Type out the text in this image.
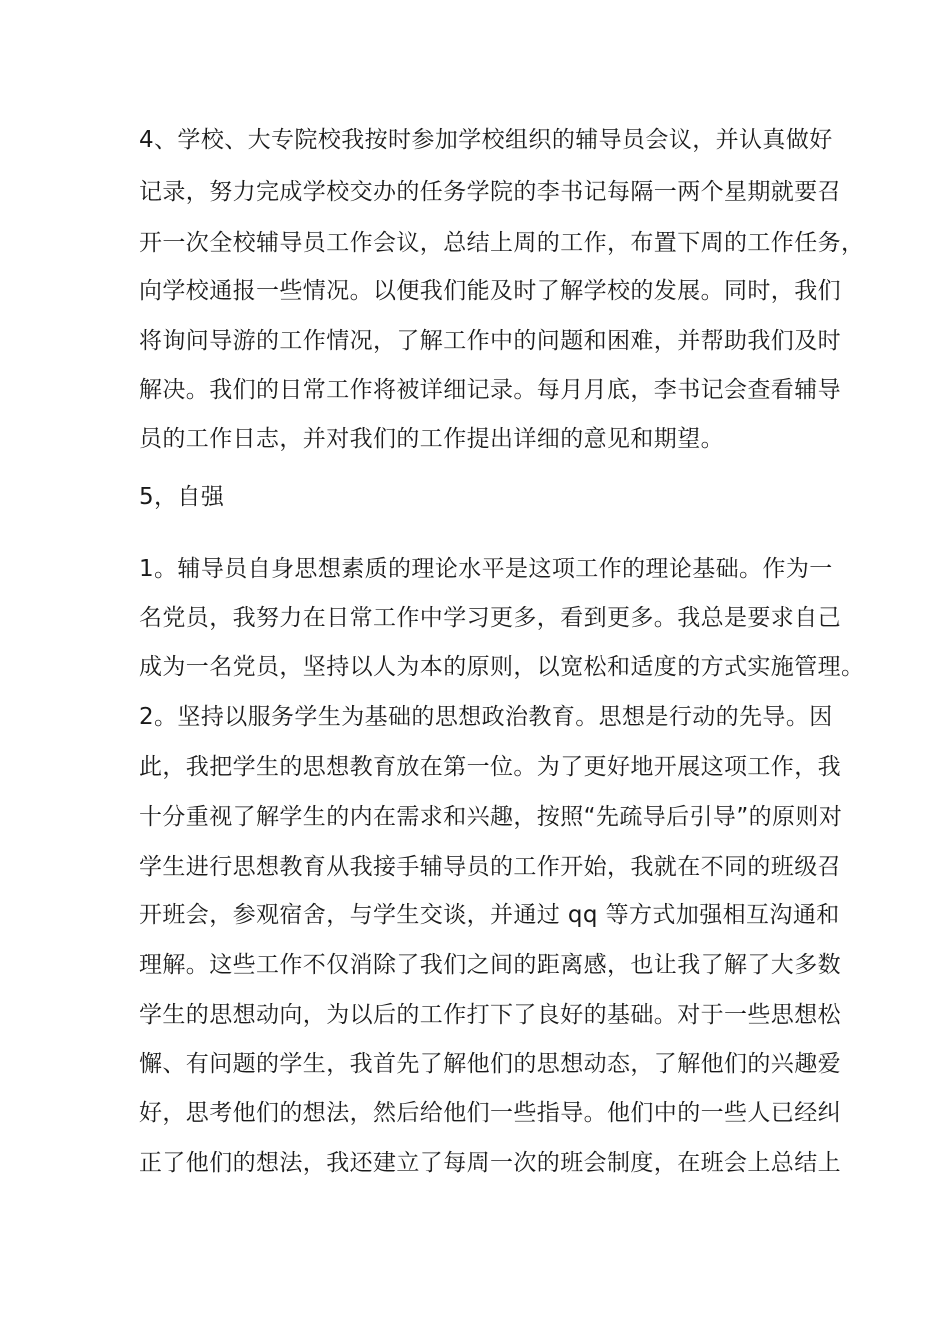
4、学校、大专院校我按时参加学校组织的辅导员会议，并认真做好
记录，努力完成学校交办的任务学院的李书记每隔一两个星期就要召
开一次全校辅导员工作会议，总结上周的工作，布置下周的工作任务，
向学校通报一些情况。以便我们能及时了解学校的发展。同时，我们
将询问导游的工作情况，了解工作中的问题和困难，并帮助我们及时
解决。我们的日常工作将被详细记录。每月月底，李书记会查看辅导
员的工作日志，并对我们的工作提出详细的意见和期望。
5，自强
1。辅导员自身思想素质的理论水平是这项工作的理论基础。作为一
名党员，我努力在日常工作中学习更多，看到更多。我总是要求自己
成为一名党员，坚持以人为本的原则，以宽松和适度的方式实施管理。
2。坚持以服务学生为基础的思想政治教育。思想是行动的先导。因
此，我把学生的思想教育放在第一位。为了更好地开展这项工作，我
十分重视了解学生的内在需求和兴趣，按照“先疏导后引导”的原则对
学生进行思想教育从我接手辅导员的工作开始，我就在不同的班级召
开班会，参观宿舍，与学生交谈，并通过 qq 等方式加强相互沟通和
理解。这些工作不仅消除了我们之间的距离感，也让我了解了大多数
学生的思想动向，为以后的工作打下了良好的基础。对于一些思想松
懈、有问题的学生，我首先了解他们的思想动态，了解他们的兴趣爱
好，思考他们的想法，然后给他们一些指导。他们中的一些人已经纠
正了他们的想法，我还建立了每周一次的班会制度，在班会上总结上
